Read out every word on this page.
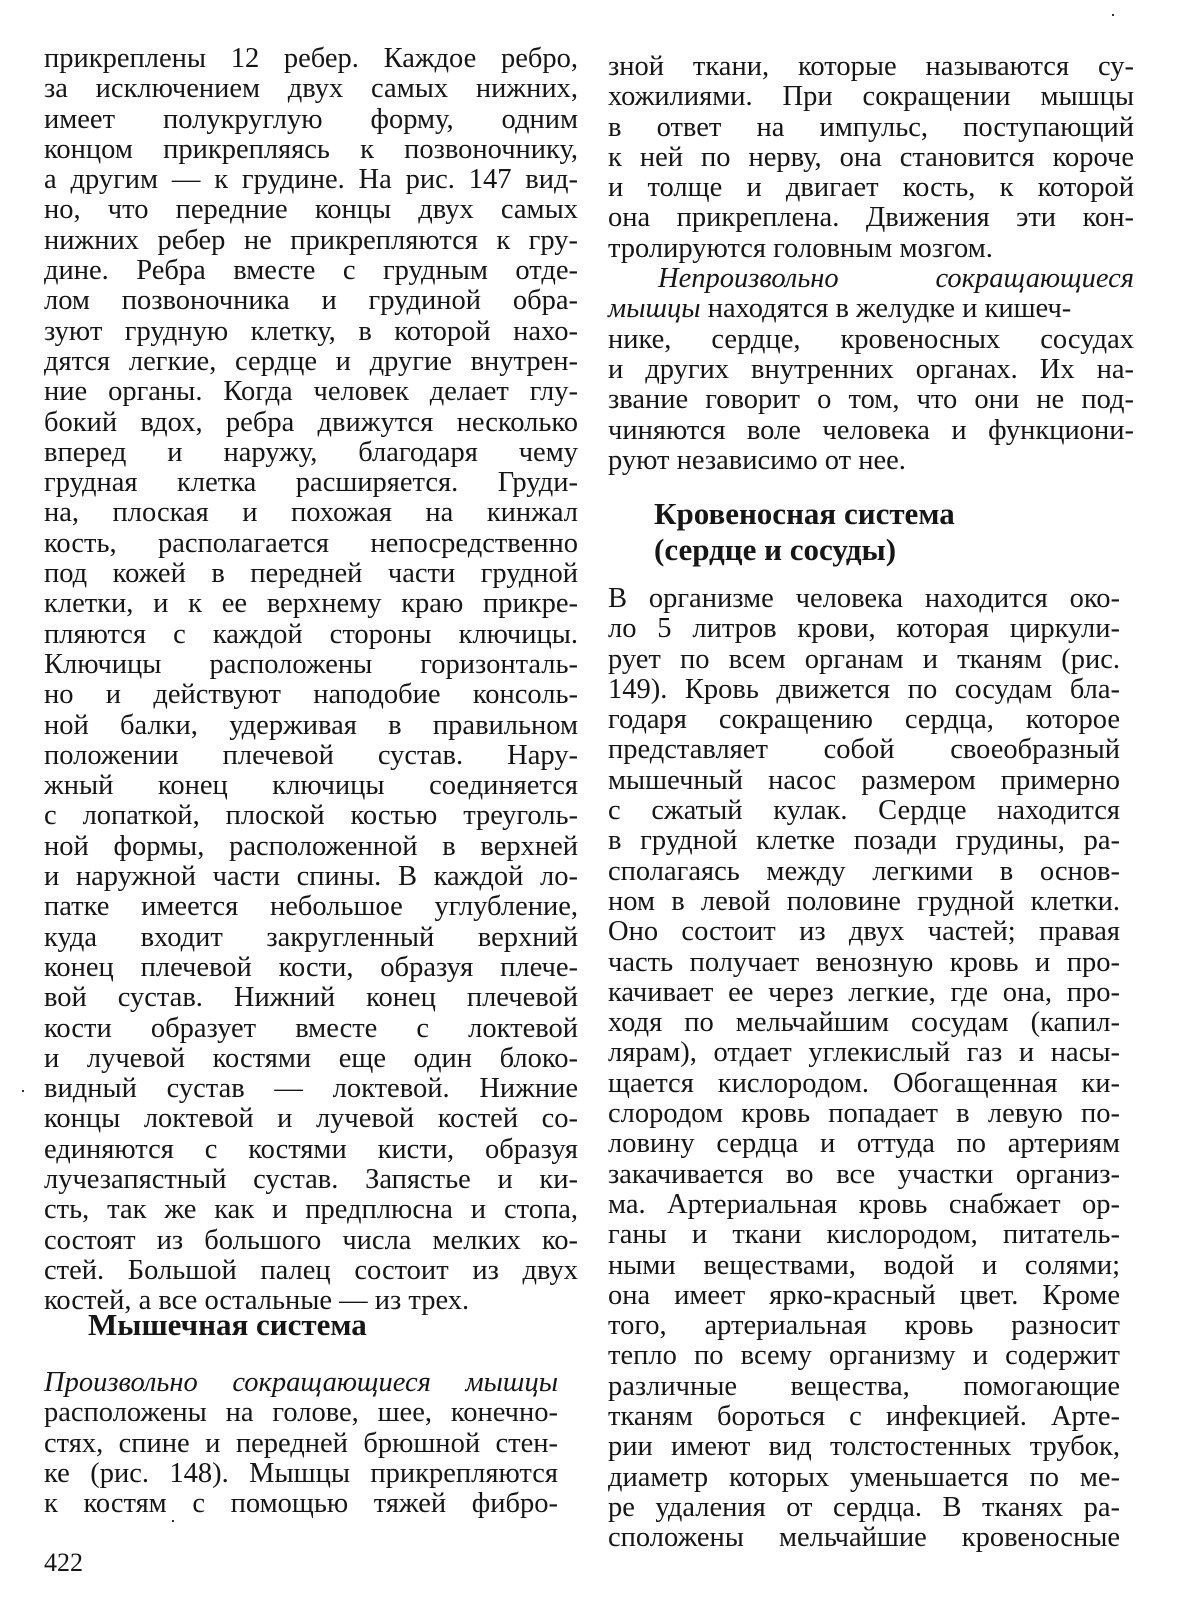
прикреплены 12 ребер. Каждое ребро,
за исключением двух самых нижних,
имеет полукруглую форму, одним
концом прикрепляясь к позвоночнику,
а другим — к грудине. На рис. 147 вид-
но, что передние концы двух самых
нижних ребер не прикрепляются к гру-
дине. Ребра вместе с грудным отде-
лом позвоночника и грудиной обра-
зуют грудную клетку, в которой нахо-
дятся легкие, сердце и другие внутрен-
ние органы. Когда человек делает глу-
бокий вдох, ребра движутся несколько
вперед и наружу, благодаря чему
грудная клетка расширяется. Груди-
на, плоская и похожая на кинжал
кость, располагается непосредственно
под кожей в передней части грудной
клетки, и к ее верхнему краю прикре-
пляются с каждой стороны ключицы.
Ключицы расположены горизонталь-
но и действуют наподобие консоль-
ной балки, удерживая в правильном
положении плечевой сустав. Нару-
жный конец ключицы соединяется
с лопаткой, плоской костью треуголь-
ной формы, расположенной в верхней
и наружной части спины. В каждой ло-
патке имеется небольшое углубление,
куда входит закругленный верхний
конец плечевой кости, образуя плече-
вой сустав. Нижний конец плечевой
кости образует вместе с локтевой
и лучевой костями еще один блоко-
видный сустав — локтевой. Нижние
концы локтевой и лучевой костей со-
единяются с костями кисти, образуя
лучезапястный сустав. Запястье и ки-
сть, так же как и предплюсна и стопа,
состоят из большого числа мелких ко-
стей. Большой палец состоит из двух
костей, а все остальные — из трех.
Мышечная система
Произвольно сокращающиеся мышцы
расположены на голове, шее, конечно-
стях, спине и передней брюшной стен-
ке (рис. 148). Мышцы прикрепляются
к костям с помощью тяжей фибро-
зной ткани, которые называются су-
хожилиями. При сокращении мышцы
в ответ на импульс, поступающий
к ней по нерву, она становится короче
и толще и двигает кость, к которой
она прикреплена. Движения эти кон-
тролируются головным мозгом.
Непроизвольно сокращающиеся
мышцы находятся в желудке и кишеч-
нике, сердце, кровеносных сосудах
и других внутренних органах. Их на-
звание говорит о том, что они не под-
чиняются воле человека и функциони-
руют независимо от нее.
Кровеносная система
(сердце и сосуды)
В организме человека находится око-
ло 5 литров крови, которая циркули-
рует по всем органам и тканям (рис.
149). Кровь движется по сосудам бла-
годаря сокращению сердца, которое
представляет собой своеобразный
мышечный насос размером примерно
с сжатый кулак. Сердце находится
в грудной клетке позади грудины, ра-
сполагаясь между легкими в основ-
ном в левой половине грудной клетки.
Оно состоит из двух частей; правая
часть получает венозную кровь и про-
качивает ее через легкие, где она, про-
ходя по мельчайшим сосудам (капил-
лярам), отдает углекислый газ и насы-
щается кислородом. Обогащенная ки-
слородом кровь попадает в левую по-
ловину сердца и оттуда по артериям
закачивается во все участки организ-
ма. Артериальная кровь снабжает ор-
ганы и ткани кислородом, питатель-
ными веществами, водой и солями;
она имеет ярко-красный цвет. Кроме
того, артериальная кровь разносит
тепло по всему организму и содержит
различные вещества, помогающие
тканям бороться с инфекцией. Арте-
рии имеют вид толстостенных трубок,
диаметр которых уменьшается по ме-
ре удаления от сердца. В тканях ра-
сположены мельчайшие кровеносные
422
